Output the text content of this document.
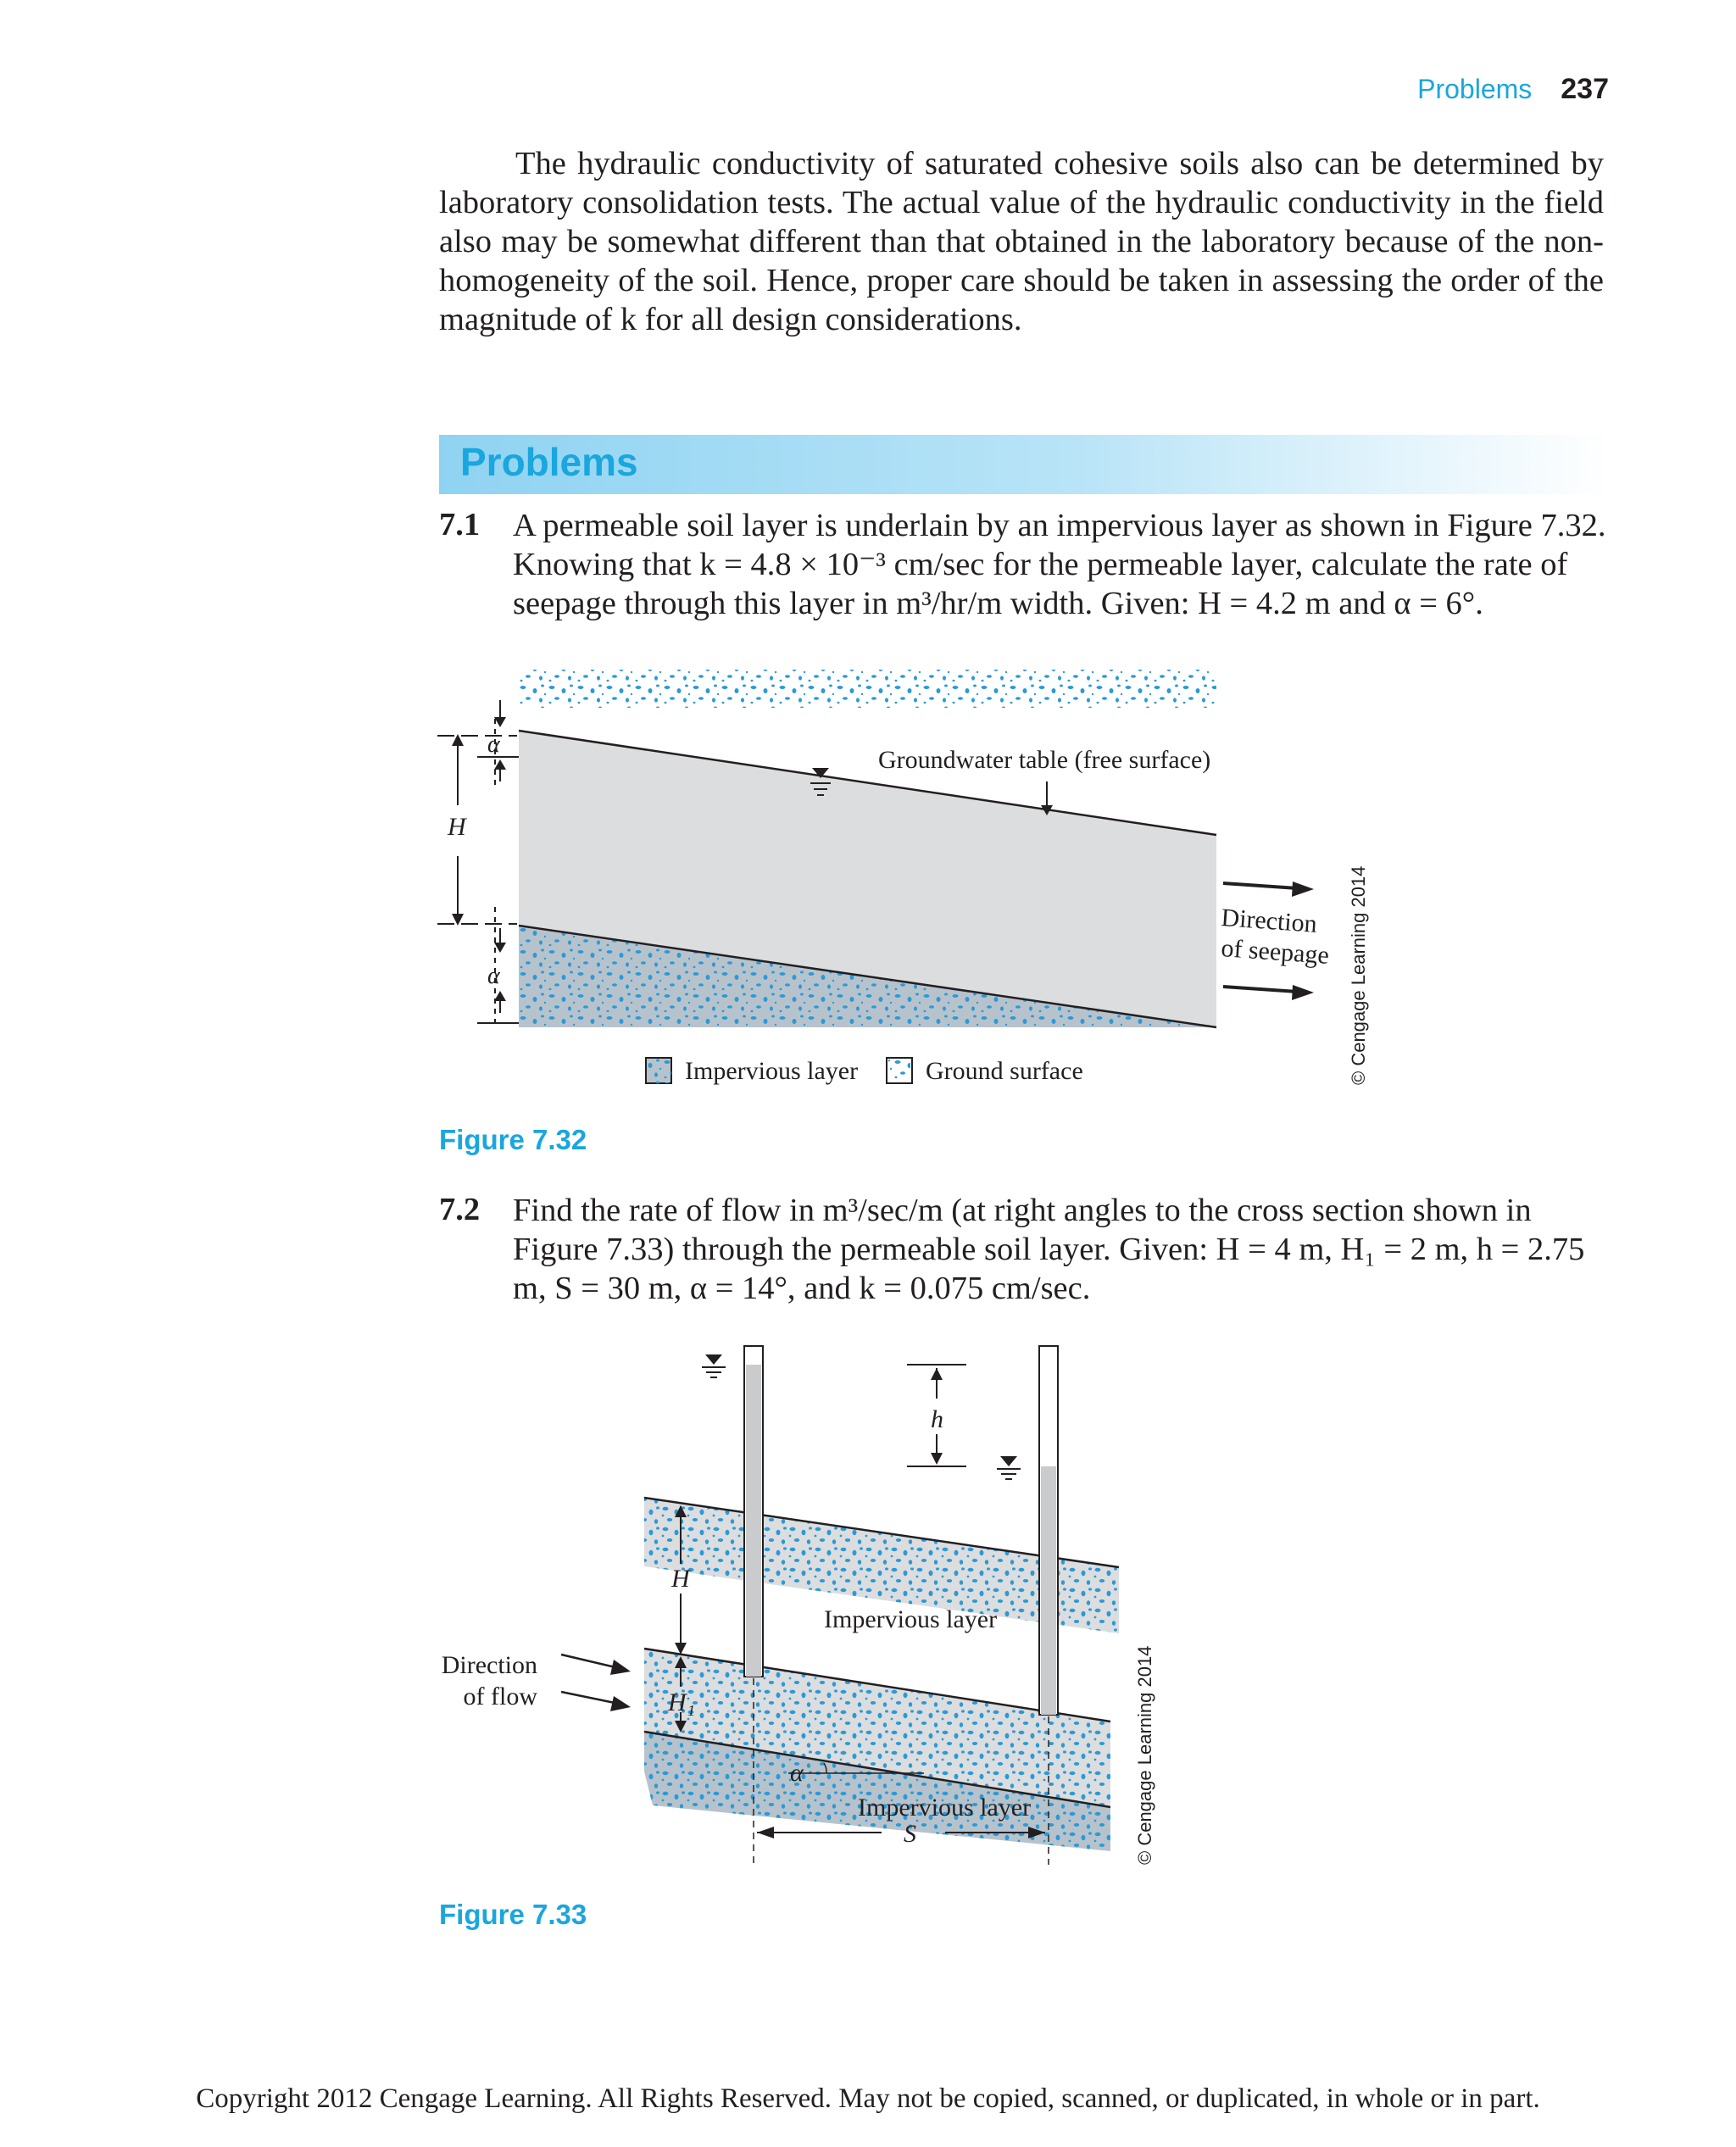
Problems 237

The hydraulic conductivity of saturated cohesive soils also can be determined by laboratory consolidation tests. The actual value of the hydraulic conductivity in the field also may be somewhat different than that obtained in the laboratory because of the non-homogeneity of the soil. Hence, proper care should be taken in assessing the order of the magnitude of k for all design considerations.

Problems
7.1 A permeable soil layer is underlain by an impervious layer as shown in Figure 7.32. Knowing that k = 4.8 × 10⁻³ cm/sec for the permeable layer, calculate the rate of seepage through this layer in m³/hr/m width. Given: H = 4.2 m and α = 6°.

Groundwater table (free surface)
H
α
α
Direction
of seepage © Cengage Learning 2014
Impervious layer	Ground surface
Figure 7.32
7.2 Find the rate of flow in m³/sec/m (at right angles to the cross section shown in Figure 7.33) through the permeable soil layer. Given: H = 4 m, H₁ = 2 m, h = 2.75 m, S = 30 m, α = 14°, and k = 0.075 cm/sec.

h
H
H₁
Direction
of flow
α
Impervious layer
Impervious layer
S	© Cengage Learning 2014
Figure 7.33
Copyright 2012 Cengage Learning. All Rights Reserved. May not be copied, scanned, or duplicated, in whole or in part.
